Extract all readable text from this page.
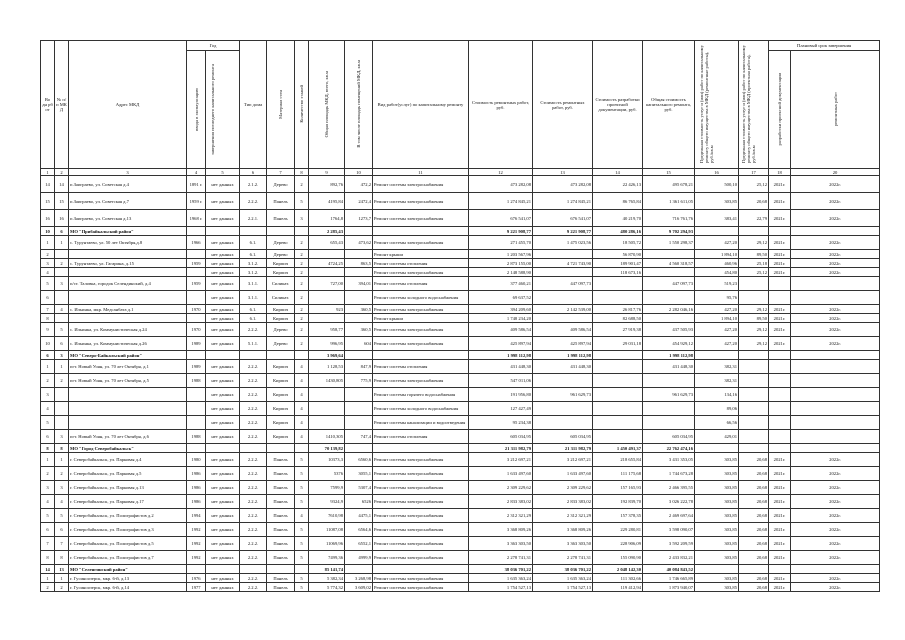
Во дн рб от	№ п/п МК Д	Адрес МКД	Год		Тип дома	Материал стен	Количество этажей	Общая площадь МКД, всего, кв.м	В том числе площадь помещений МКД, кв.м	Вид работ(услуг) по капитальному ремонту	Стоимость ремонтных работ, руб.	Стоимость ремонтных работ, руб.	Стоимость разработки проектной документации, руб.	Общая стоимость капитального ремонта, руб.	Предельная стоимость услуг и (или) работ по капитальному ремонту общего имущества в МКД (ремонтные работы), руб./кв.м	Предельная стоимость услуг и (или) работ по капитальному ремонту общего имущества в МКД (проектная работа), руб./кв.м	Плановый срок завершения	
			ввода в эксплуатацию	завершения последнего капитального ремонта													разработки проектной документации		ремонтных работ
1	2	3	4	5	6	7	8	9	10	11	12	13	14	15	16	17	18		20
14	14	п.Заиграево, ул. Советская д.4	1891 г.	нет данных	2.1.2.	Дерево	2	892,76	472,2	Ремонт системы электроснабжения	473 282,08	473 282,08	22 426,13	495 678,21	500,10	25,12	2021г.		2022г.
15	15	п.Заиграево, ул. Советская д.7	1959 г.	нет данных	2.2.2.	Панель	5	4195,84	2472,4	Ремонт системы электроснабжения	1 274 845,21	1 274 845,21	86 765,84	1 361 611,05	303,85	20,68	2021г.		2022г.
16	16	п.Заиграево, ул. Советская д.13	1968 г.	нет данных	2.2.1.	Панель	3	1764,8	1273,7	Ремонт системы электроснабжения	676 541,07	676 541,07	40 219,70	716 761,76	383,41	22,79	2021г.		2022г.
10	6	МО "Прибайкальский район"						2 285,43			9 221 908,77	9 221 908,77	480 286,16	9 702 294,93					
1	1	с. Турунтаево, ул. 50 лет Октября,д.8	1966	нет данных	6.1.	Дерево	2	655,43	473,62	Ремонт системы электроснабжения	271 455,70	1 475 023,56	18 505,72	1 550 298,37	427,20	29,12	2021г.		2022г.
2				нет данных	6.1.	Дерево	2			Ремонт крыши	1 203 567,96		56 870,90		1 894,10	89,50	2021г.		2022г.
3	2	с. Турунтаево, ул. Гагарина, д.15	1959	нет данных	3.1.2.	Кирпич	2	4724,25	863,5	Ремонт системы отопления	2 873 155,00	4 721 743,90	189 901,47	4 560 318,57	460,96	25,18	2021г.		2022г.
4				нет данных	3.1.2.	Кирпич	2			Ремонт системы электроснабжения	2 148 588,90		118 673,16		454,80	25,12	2021г.		2022г.
5	3	п/ст. Таловка, городок Селендинский, д.4	1959	нет данных	3.1.1.	Силикат.	2	727,00	394,01	Ремонт системы отопления	377 460,21	447 097,73		447 097,73	519,23				
6				нет данных	3.1.1.	Силикат.	2			Ремонт системы холодного водоснабжения	69 637,52				95,76				
7	4	с. Ильинка, мкр. Медсанбата д.1	1970	нет данных	6.1.	Кирпич	2	923	360,5	Ремонт системы электроснабжения	394 209,60	2 142 539,00	26 817,76	2 282 046,16	427,20	29,12	2021г.		2022г.
8				нет данных	6.1.	Кирпич	2			Ремонт крыши	1 748 234,20		82 688,50		1 894,10	89,50	2021г.		2022г.
9	5	с. Ильинка, ул. Коммунистическая д.24	1970	нет данных	2.2.2.	Дерево	2	958,77	360,5	Ремонт системы электроснабжения	409 586,54	409 586,54	27 919,38	437 505,93	427,20	29,12	2021г.		2022г.
10	6	с. Ильинка, ул. Коммунистическая д.26	1989	нет данных	5.1.1.	Дерево	2	996,95	604	Ремонт системы электроснабжения	425 897,94	425 897,94	29 031,18	454 929,12	427,20	29,12	2021г.		2022г.
6	3	МО "Северо-Байкальский район"						3 969,64			1 998 112,98	1 998 112,98		1 998 112,98					
1	1	пгт. Новый Уоян, ул. 70 лет Октября, д.1	1989	нет данных	2.2.2.	Кирпич	4	1 128,53	847,9	Ремонт системы отопления	431 448,30	431 448,30		431 448,30	382,31				
2	2	пгт. Новый Уоян, ул. 70 лет Октября, д.5	1988	нет данных	2.2.2.	Кирпич	4	1430,805	775,9	Ремонт системы электроснабжения	547 011,06				382,31				
3				нет данных	2.2.2.	Кирпич	4			Ремонт системы горячего водоснабжения	191 956,80	961 629,73		961 629,73	134,16				
4				нет данных	2.2.2.	Кирпич	4			Ремонт системы холодного водоснабжения	127 427,49				89,06				
5				нет данных	2.2.2.	Кирпич	4			Ремонт системы канализации и водоотведения	95 234,38				66,56				
6	3	пгт. Новый Уоян, ул. 70 лет Октября, д.6	1988	нет данных	2.2.2.	Кирпич	4	1410,305	747,4	Ремонт системы отопления	605 034,95	605 034,95		605 034,95	429,01				
8	8	МО "Город Северобайкальск"						70 139,82			21 311 982,79	21 311 982,79	1 450 491,37	22 762 474,16					
1	1	г. Северобайкальск, ул. Парковая д.4	1980	нет данных	2.2.2.	Панель	5	10373,3	6560,6	Ремонт системы электроснабжения	3 212 697,21	3 212 697,21	218 655,84	3 431 353,05	303,85	20,68	2021г.		2022г.
2	2	г. Северобайкальск, ул. Парковая д.5	1986	нет данных	2.2.2.	Панель	5	5376	3055,1	Ремонт системы электроснабжения	1 633 497,60	1 633 497,60	111 175,68	1 744 673,28	303,85	20,68	2021г.		2022г.
3	3	г. Северобайкальск, ул. Парковая д.13	1986	нет данных	2.2.2.	Панель	5	7599,9	5307,4	Ремонт системы электроснабжения	2 309 229,62	2 309 229,62	157 165,93	2 466 395,55	303,85	20,68	2021г.		2022г.
4	4	г. Северобайкальск, ул. Парковая д.17	1986	нет данных	2.2.2.	Панель	5	9324,9	6526	Ремонт системы электроснабжения	2 833 383,02	2 833 383,02	192 839,70	3 026 222,78	303,85	20,68	2021г.		2022г.
5	5	г. Северобайкальск, ул. Полиграфистов д.2	1994	нет данных	2.2.2.	Панель	4	7610,98	4475,1	Ремонт системы электроснабжения	2 312 321,29	2 312 321,29	157 378,35	2 469 697,64	303,85	20,68	2021г.		2022г.
6	6	г. Северобайкальск, ул. Полиграфистов д.3	1992	нет данных	2.2.2.	Панель	5	11087,08	6564,6	Ремонт системы электроснабжения	3 368 809,26	3 368 809,26	229 280,81	3 598 090,07	303,85	20,68	2021г.		2022г.
7	7	г. Северобайкальск, ул. Полиграфистов д.5	1992	нет данных	2.2.2.	Панель	5	11069,96	6552,1	Ремонт системы электроснабжения	3 363 303,50	3 363 303,50	228 906,09	3 592 209,59	303,85	20,68	2021г.		2022г.
8	8	г. Северобайкальск, ул. Полиграфистов д.7	1992	нет данных	2.2.2.	Панель	5	7499,36	4999,9	Ремонт системы электроснабжения	2 278 741,31	2 278 741,31	155 090,90	2 433 832,21	303,85	20,68	2021г.		2022г.
14	13	МО "Селенгинский район"						85 141,74			38 036 701,22	38 036 701,22	2 048 142,30	40 084 843,52					
1	1	г. Гусиноозерск, мкр. 6-й, д.13	1976	нет данных	2.2.2.	Панель	5	5 382,34	3 268,98	Ремонт системы электроснабжения	1 635 363,24	1 635 363,24	111 302,66	1 746 665,89	303,85	20,68	2021г.		2022г.
2	2	г. Гусиноозерск, мкр. 6-й, д.14	1977	нет данных	2.2.2.	Панель	5	5 774,32	3 609,02	Ремонт системы электроснабжения	1 754 527,13	1 754 527,13	119 412,94	1 873 940,07	303,85	20,68	2021г.		2022г.
